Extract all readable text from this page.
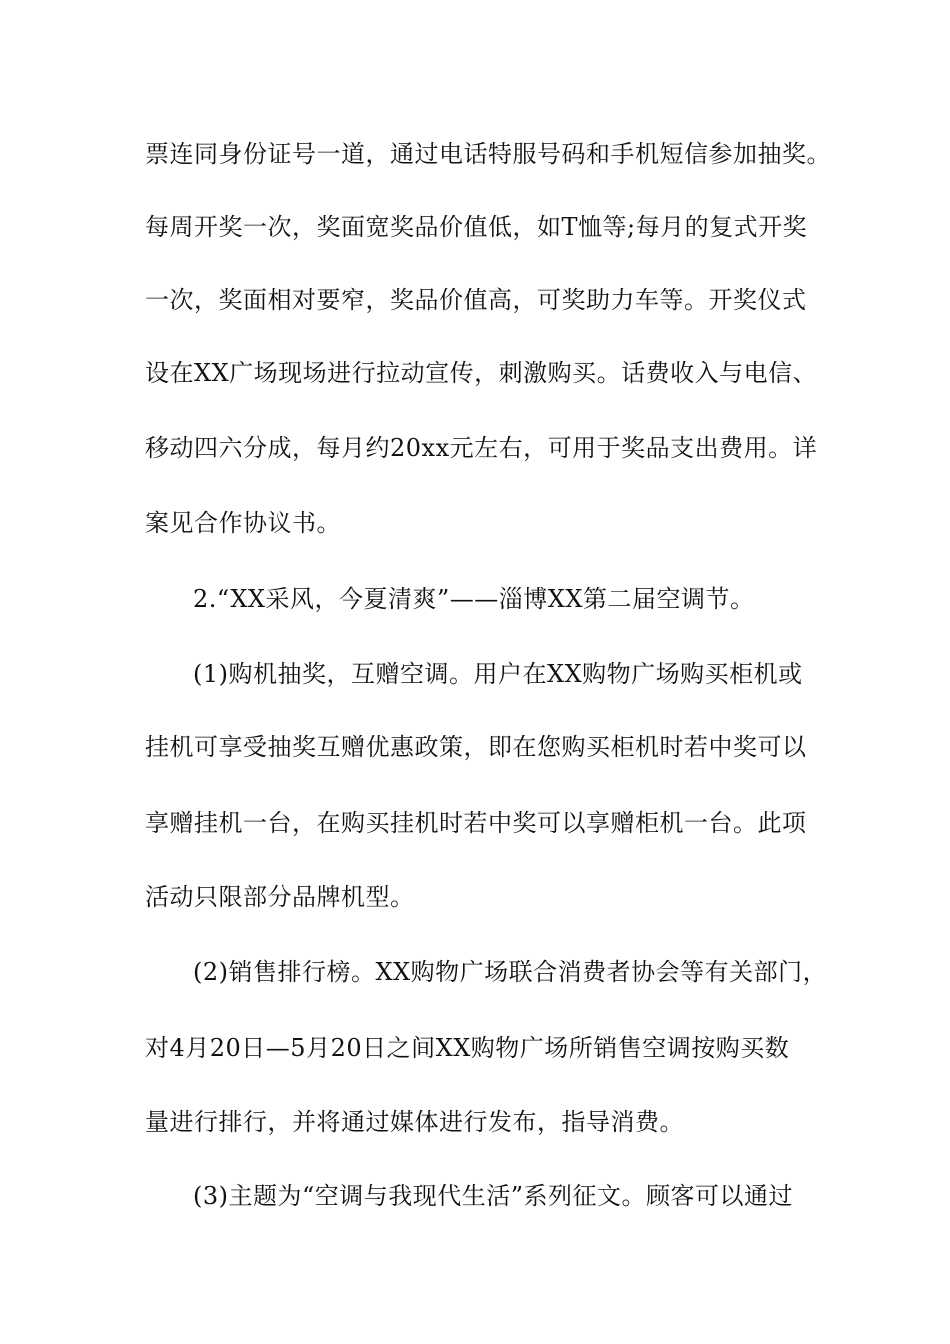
票连同身份证号一道，通过电话特服号码和手机短信参加抽奖。
每周开奖一次，奖面宽奖品价值低，如T恤等;每月的复式开奖
一次，奖面相对要窄，奖品价值高，可奖助力车等。开奖仪式
设在XX广场现场进行拉动宣传，刺激购买。话费收入与电信、
移动四六分成，每月约20xx元左右，可用于奖品支出费用。详
案见合作协议书。
2.“XX采风，今夏清爽”——淄博XX第二届空调节。
(1)购机抽奖，互赠空调。用户在XX购物广场购买柜机或
挂机可享受抽奖互赠优惠政策，即在您购买柜机时若中奖可以
享赠挂机一台，在购买挂机时若中奖可以享赠柜机一台。此项
活动只限部分品牌机型。
(2)销售排行榜。XX购物广场联合消费者协会等有关部门，
对4月20日—5月20日之间XX购物广场所销售空调按购买数
量进行排行，并将通过媒体进行发布，指导消费。
(3)主题为“空调与我现代生活”系列征文。顾客可以通过
